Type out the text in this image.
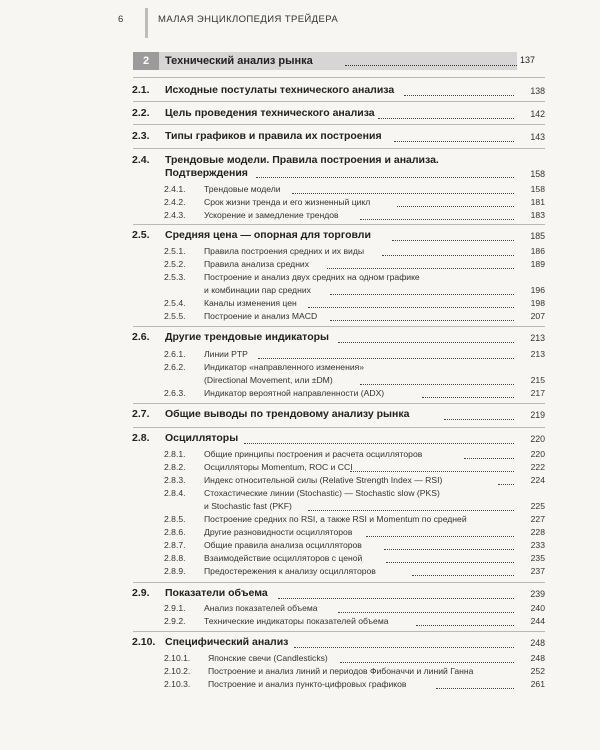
6	МАЛАЯ ЭНЦИКЛОПЕДИЯ ТРЕЙДЕРА
2	Технический анализ рынка	137
2.1. Исходные постулаты технического анализа	138
2.2. Цель проведения технического анализа	142
2.3. Типы графиков и правила их построения	143
2.4. Трендовые модели. Правила построения и анализа.
Подтверждения	158
2.4.1. Трендовые модели	158
2.4.2. Срок жизни тренда и его жизненный цикл	181
2.4.3. Ускорение и замедление трендов	183
2.5. Средняя цена — опорная для торговли	185
2.5.1. Правила построения средних и их виды	186
2.5.2. Правила анализа средних	189
2.5.3. Построение и анализ двух средних на одном графике
и комбинации пар средних	196
2.5.4. Каналы изменения цен	198
2.5.5. Построение и анализ MACD	207
2.6. Другие трендовые индикаторы	213
2.6.1. Линии PTP	213
2.6.2. Индикатор «направленного изменения»
(Directional Movement, или ±DM)	215
2.6.3. Индикатор вероятной направленности (ADX)	217
2.7. Общие выводы по трендовому анализу рынка	219
2.8. Осцилляторы	220
2.8.1. Общие принципы построения и расчета осцилляторов	220
2.8.2. Осцилляторы Momentum, ROC и CCI	222
2.8.3. Индекс относительной силы (Relative Strength Index — RSI)	224
2.8.4. Стохастические линии (Stochastic) — Stochastic slow (PKS)
и Stochastic fast (PKF)	225
2.8.5. Построение средних по RSI, а также RSI и Momentum по средней	227
2.8.6. Другие разновидности осцилляторов	228
2.8.7. Общие правила анализа осцилляторов	233
2.8.8. Взаимодействие осцилляторов с ценой	235
2.8.9. Предостережения к анализу осцилляторов	237
2.9. Показатели объема	239
2.9.1. Анализ показателей объема	240
2.9.2. Технические индикаторы показателей объема	244
2.10. Специфический анализ	248
2.10.1. Японские свечи (Candlesticks)	248
2.10.2. Построение и анализ линий и периодов Фибоначчи и линий Ганна	252
2.10.3. Построение и анализ пункто-цифровых графиков	261
